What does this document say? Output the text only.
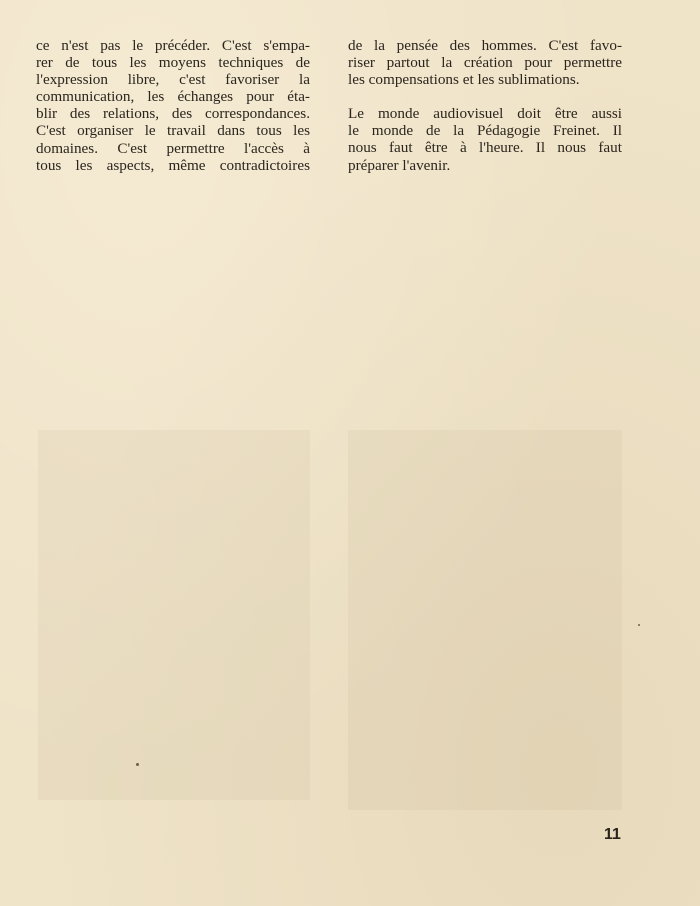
ce n'est pas le précéder. C'est s'empa-
rer de tous les moyens techniques de
l'expression libre, c'est favoriser la
communication, les échanges pour éta-
blir des relations, des correspondances.
C'est organiser le travail dans tous les
domaines. C'est permettre l'accès à
tous les aspects, même contradictoires
de la pensée des hommes. C'est favo-
riser partout la création pour permettre
les compensations et les sublimations.
Le monde audiovisuel doit être aussi
le monde de la Pédagogie Freinet. Il
nous faut être à l'heure. Il nous faut
préparer l'avenir.
11
